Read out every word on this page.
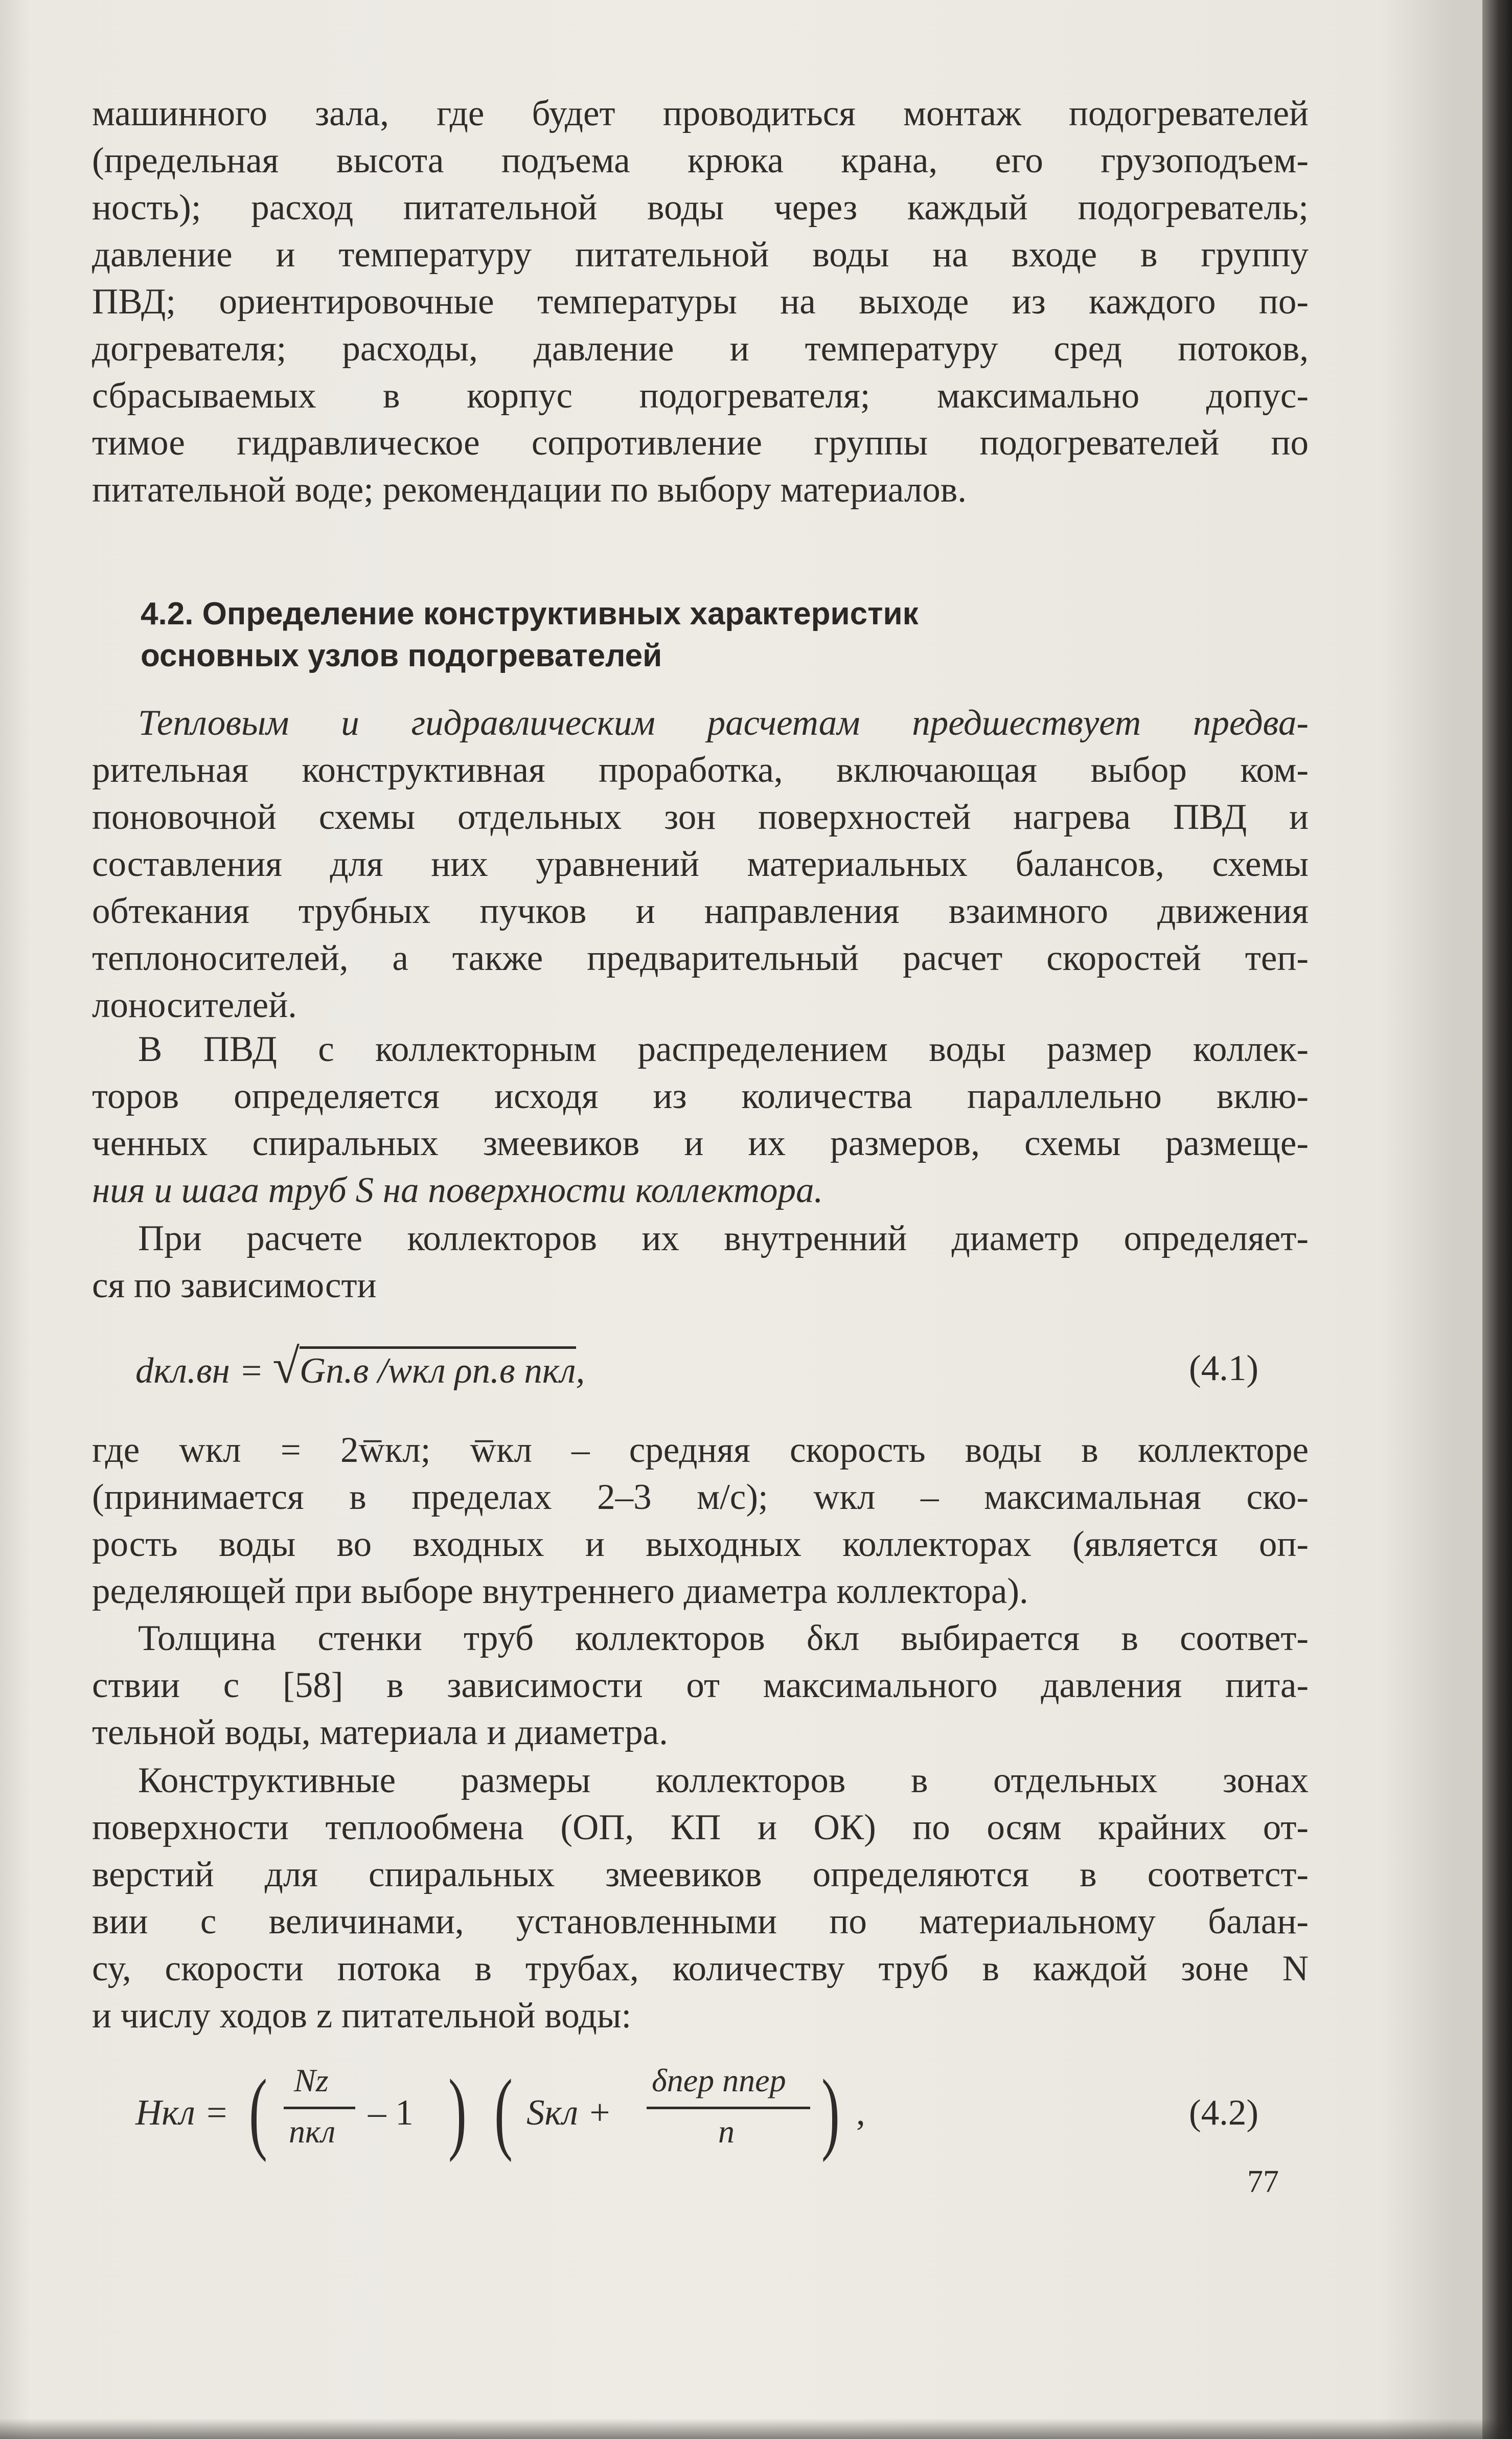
машинного зала, где будет проводиться монтаж подогревателей
(предельная высота подъема крюка крана, его грузоподъем-
ность); расход питательной воды через каждый подогреватель;
давление и температуру питательной воды на входе в группу
ПВД; ориентировочные температуры на выходе из каждого по-
догревателя; расходы, давление и температуру сред потоков,
сбрасываемых в корпус подогревателя; максимально допус-
тимое гидравлическое сопротивление группы подогревателей по
питательной воде; рекомендации по выбору материалов.

4.2. Определение конструктивных характеристик
основных узлов подогревателей

Тепловым и гидравлическим расчетам предшествует предва-
рительная конструктивная проработка, включающая выбор ком-
поновочной схемы отдельных зон поверхностей нагрева ПВД и
составления для них уравнений материальных балансов, схемы
обтекания трубных пучков и направления взаимного движения
теплоносителей, а также предварительный расчет скоростей теп-
лоносителей.

В ПВД с коллекторным распределением воды размер коллек-
торов определяется исходя из количества параллельно вклю-
ченных спиральных змеевиков и их размеров, схемы размеще-
ния и шага труб S на поверхности коллектора.

При расчете коллекторов их внутренний диаметр определяет-
ся по зависимости

dкл.вн = √Gп.в /wкл ρп.в nкл,	(4.1)

где wкл = 2w̅кл; w̅кл – средняя скорость воды в коллекторе
(принимается в пределах 2–3 м/с); wкл – максимальная ско-
рость воды во входных и выходных коллекторах (является оп-
ределяющей при выборе внутреннего диаметра коллектора).

Толщина стенки труб коллекторов δкл выбирается в соответ-
ствии с [58] в зависимости от максимального давления пита-
тельной воды, материала и диаметра.

Конструктивные размеры коллекторов в отдельных зонах
поверхности теплообмена (ОП, КП и ОК) по осям крайних от-
верстий для спиральных змеевиков определяются в соответст-
вии с величинами, установленными по материальному балан-
су, скорости потока в трубах, количеству труб в каждой зоне N
и числу ходов z питательной воды:

Hкл = ( Nz
nкл – 1 ) ( Sкл +
δпер nпер
n ) ,	(4.2)
77
